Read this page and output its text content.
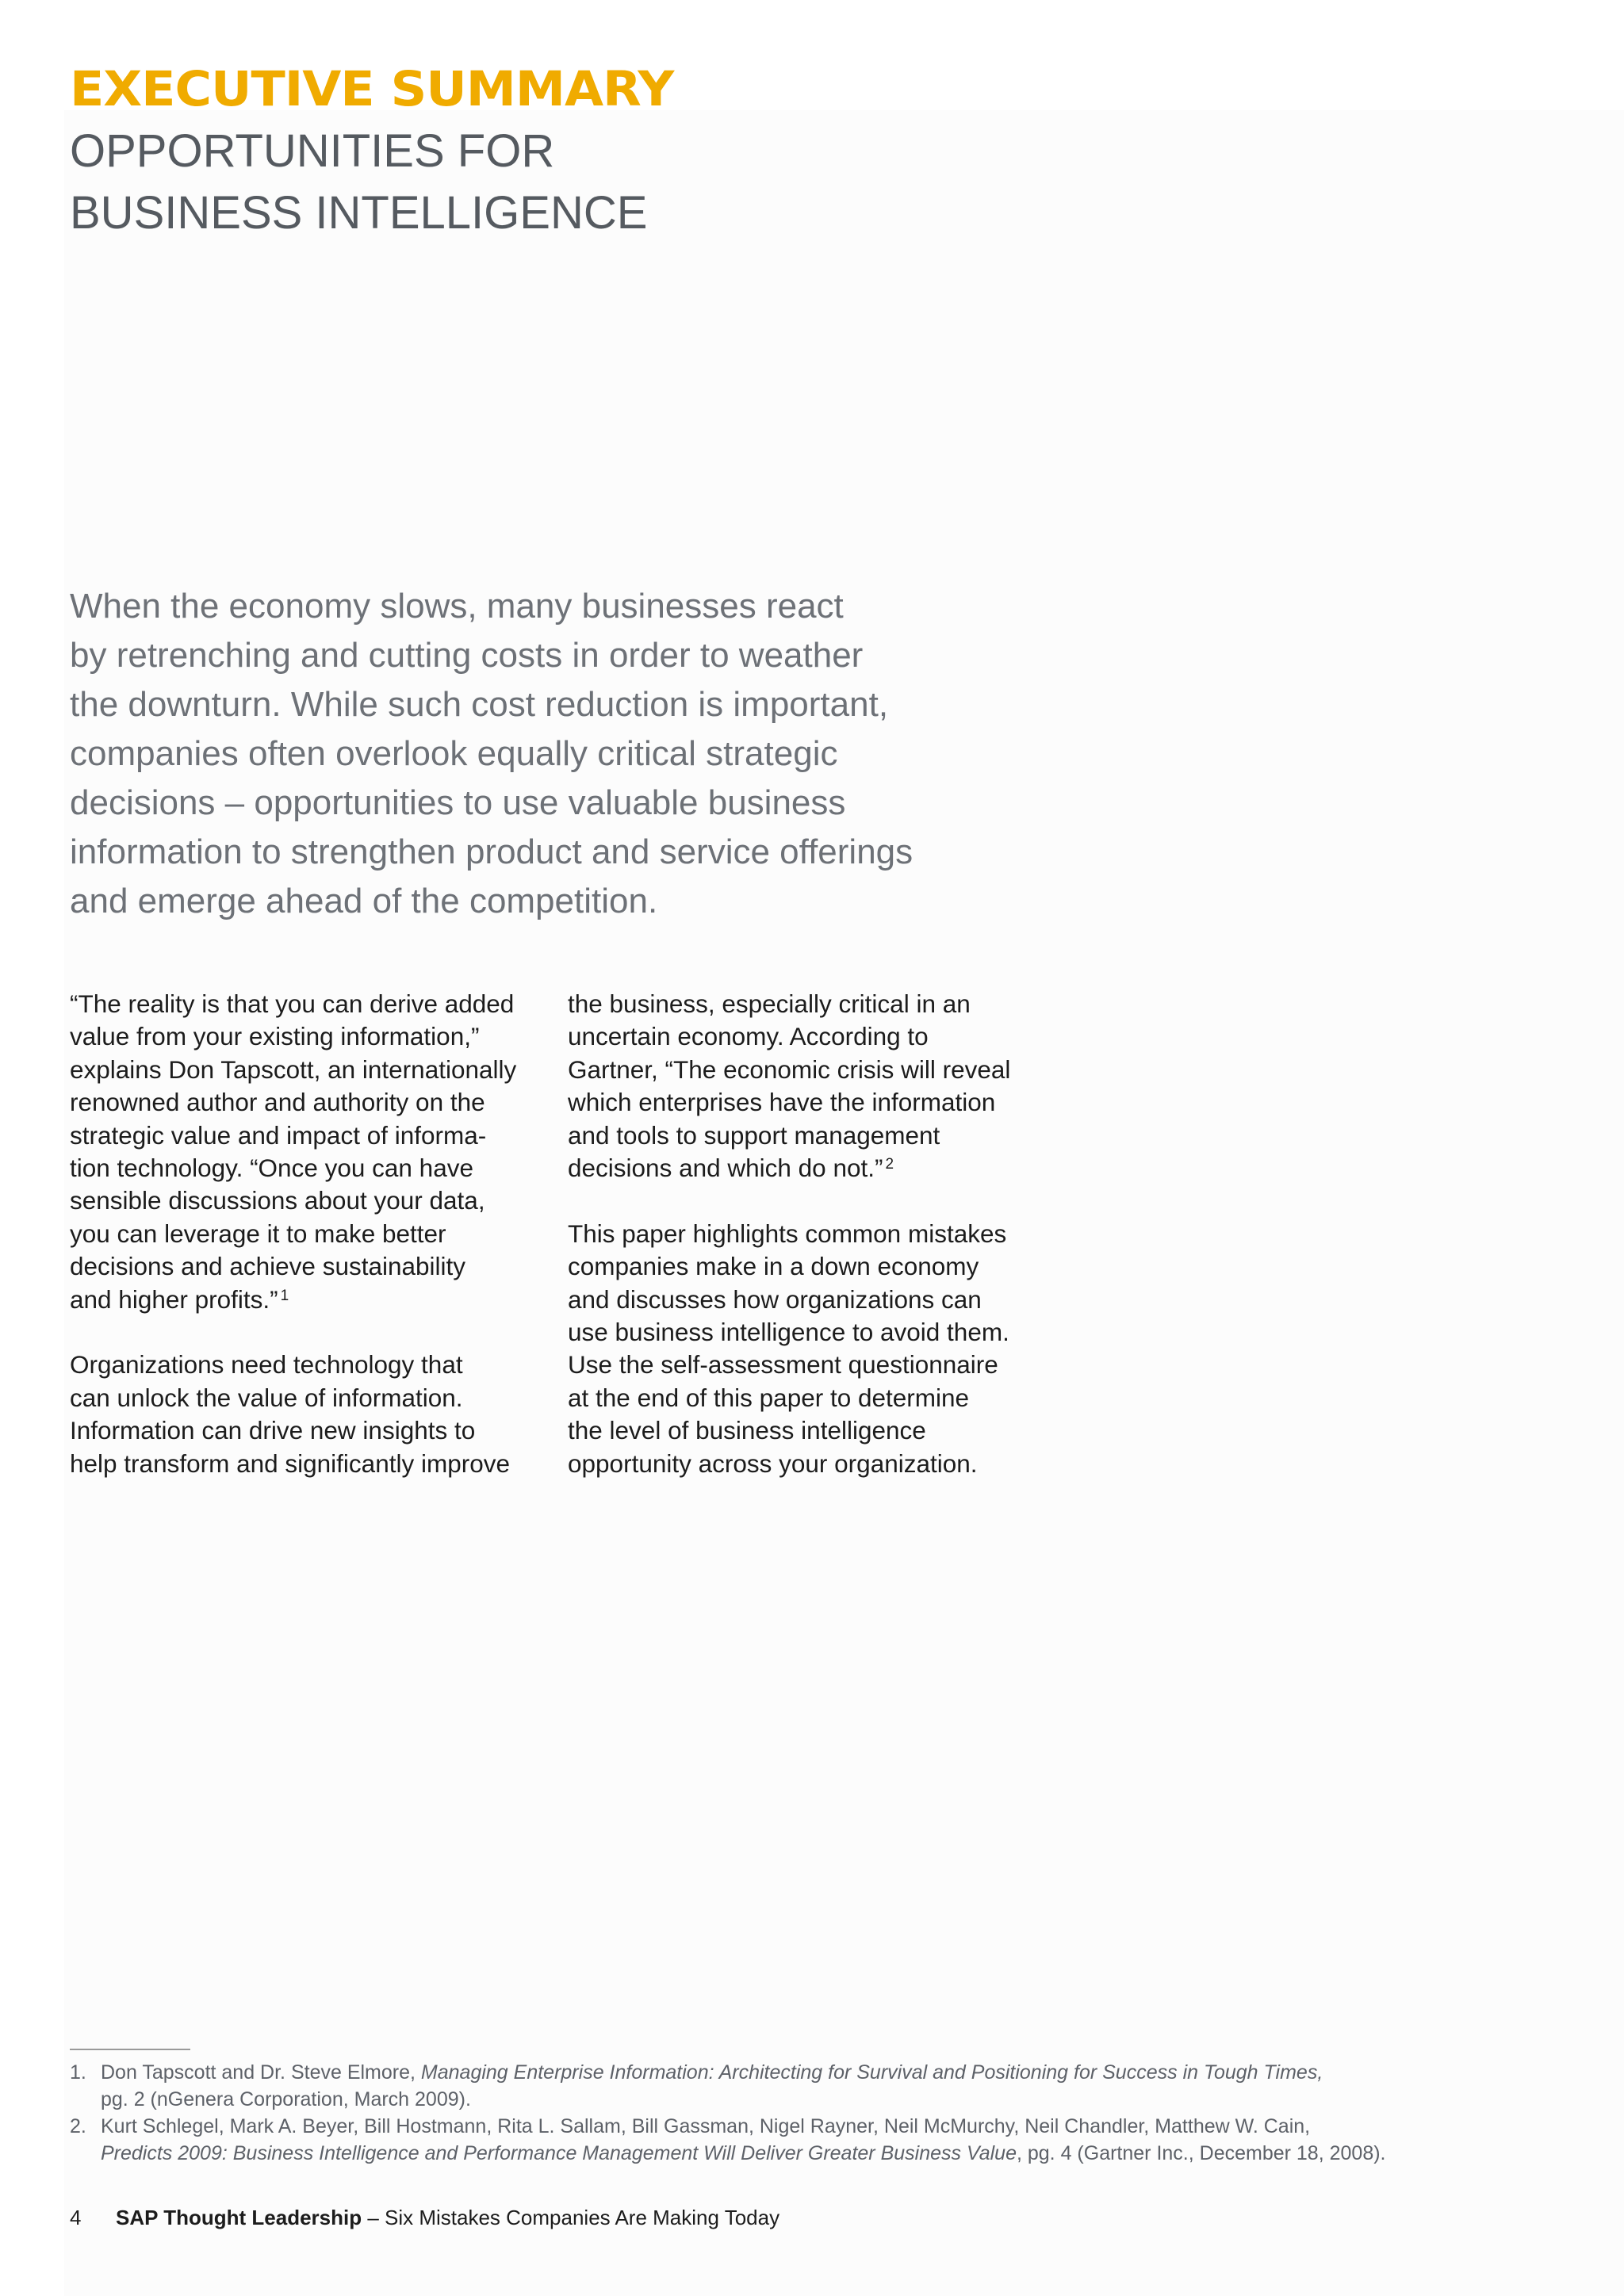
EXECUTIVE SUMMARY
OPPORTUNITIES FOR
BUSINESS INTELLIGENCE

When the economy slows, many businesses react
by retrenching and cutting costs in order to weather
the downturn. While such cost reduction is important,
companies often overlook equally critical strategic
decisions – opportunities to use valuable business
information to strengthen product and service offerings
and emerge ahead of the competition.

“The reality is that you can derive added
value from your existing information,”
explains Don Tapscott, an internationally
renowned author and authority on the
strategic value and impact of informa-
tion technology. “Once you can have
sensible discussions about your data,
you can leverage it to make better
decisions and achieve sustainability
and higher profits.” $^1$

Organizations need technology that
can unlock the value of information.
Information can drive new insights to
help transform and significantly improve

the business, especially critical in an
uncertain economy. According to
Gartner, “The economic crisis will reveal
which enterprises have the information
and tools to support management
decisions and which do not.” $^2$

This paper highlights common mistakes
companies make in a down economy
and discusses how organizations can
use business intelligence to avoid them.
Use the self-assessment questionnaire
at the end of this paper to determine
the level of business intelligence
opportunity across your organization.

1. Don Tapscott and Dr. Steve Elmore, Managing Enterprise Information: Architecting for Survival and Positioning for Success in Tough Times,
pg. 2 (nGenera Corporation, March 2009).
2. Kurt Schlegel, Mark A. Beyer, Bill Hostmann, Rita L. Sallam, Bill Gassman, Nigel Rayner, Neil McMurchy, Neil Chandler, Matthew W. Cain,
Predicts 2009: Business Intelligence and Performance Management Will Deliver Greater Business Value, pg. 4 (Gartner Inc., December 18, 2008).
4 SAP Thought Leadership – Six Mistakes Companies Are Making Today
